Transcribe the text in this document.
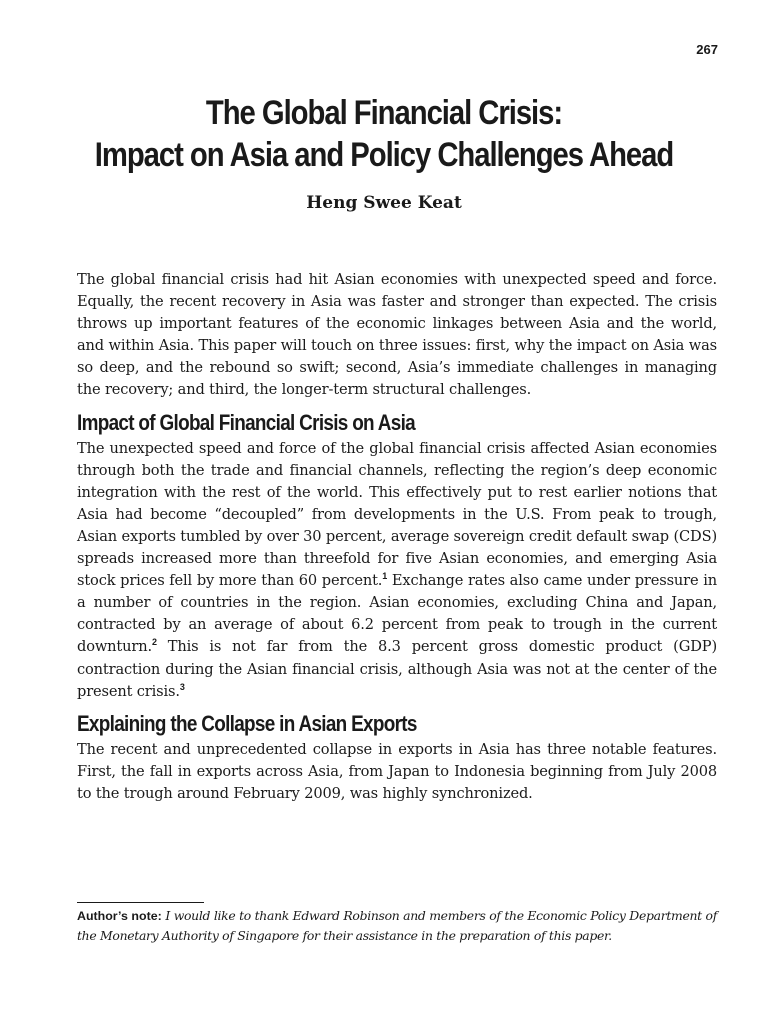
267
The Global Financial Crisis:
Impact on Asia and Policy Challenges Ahead
Heng Swee Keat

The global financial crisis had hit Asian economies with unexpected speed and force. Equally, the recent recovery in Asia was faster and stronger than expected. The crisis throws up important features of the economic linkages between Asia and the world, and within Asia. This paper will touch on three issues: first, why the impact on Asia was so deep, and the rebound so swift; second, Asia’s immediate challenges in managing the recovery; and third, the longer-term structural challenges.

Impact of Global Financial Crisis on Asia

The unexpected speed and force of the global financial crisis affected Asian economies through both the trade and financial channels, reflecting the region’s deep economic integration with the rest of the world. This effectively put to rest earlier notions that Asia had become “decoupled” from developments in the U.S. From peak to trough, Asian exports tumbled by over 30 percent, average sovereign credit default swap (CDS) spreads increased more than threefold for five Asian economies, and emerging Asia stock prices fell by more than 60 percent.$^1$ Exchange rates also came under pressure in a number of countries in the region. Asian economies, excluding China and Japan, contracted by an average of about 6.2 percent from peak to trough in the current downturn.$^2$ This is not far from the 8.3 percent gross domestic product (GDP) contraction during the Asian financial crisis, although Asia was not at the center of the present crisis.$^3$

Explaining the Collapse in Asian Exports

The recent and unprecedented collapse in exports in Asia has three notable features. First, the fall in exports across Asia, from Japan to Indonesia beginning from July 2008 to the trough around February 2009, was highly synchronized.

Author’s note: I would like to thank Edward Robinson and members of the Economic Policy Department of the Monetary Authority of Singapore for their assistance in the preparation of this paper.
